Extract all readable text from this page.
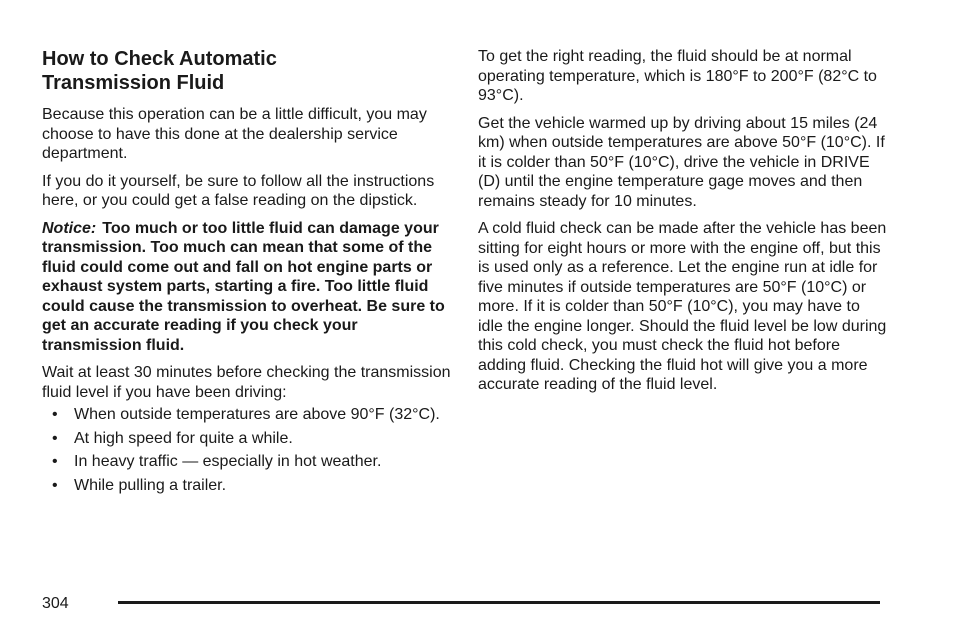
How to Check Automatic
Transmission Fluid

Because this operation can be a little difficult, you may choose to have this done at the dealership service department.

If you do it yourself, be sure to follow all the instructions here, or you could get a false reading on the dipstick.

Notice: Too much or too little fluid can damage your transmission. Too much can mean that some of the fluid could come out and fall on hot engine parts or exhaust system parts, starting a fire. Too little fluid could cause the transmission to overheat. Be sure to get an accurate reading if you check your transmission fluid.

Wait at least 30 minutes before checking the transmission fluid level if you have been driving:

• When outside temperatures are above 90°F (32°C).
• At high speed for quite a while.
• In heavy traffic — especially in hot weather.
• While pulling a trailer.

To get the right reading, the fluid should be at normal operating temperature, which is 180°F to 200°F (82°C to 93°C).

Get the vehicle warmed up by driving about 15 miles (24 km) when outside temperatures are above 50°F (10°C). If it is colder than 50°F (10°C), drive the vehicle in DRIVE (D) until the engine temperature gage moves and then remains steady for 10 minutes.

A cold fluid check can be made after the vehicle has been sitting for eight hours or more with the engine off, but this is used only as a reference. Let the engine run at idle for five minutes if outside temperatures are 50°F (10°C) or more. If it is colder than 50°F (10°C), you may have to idle the engine longer. Should the fluid level be low during this cold check, you must check the fluid hot before adding fluid. Checking the fluid hot will give you a more accurate reading of the fluid level.

304
